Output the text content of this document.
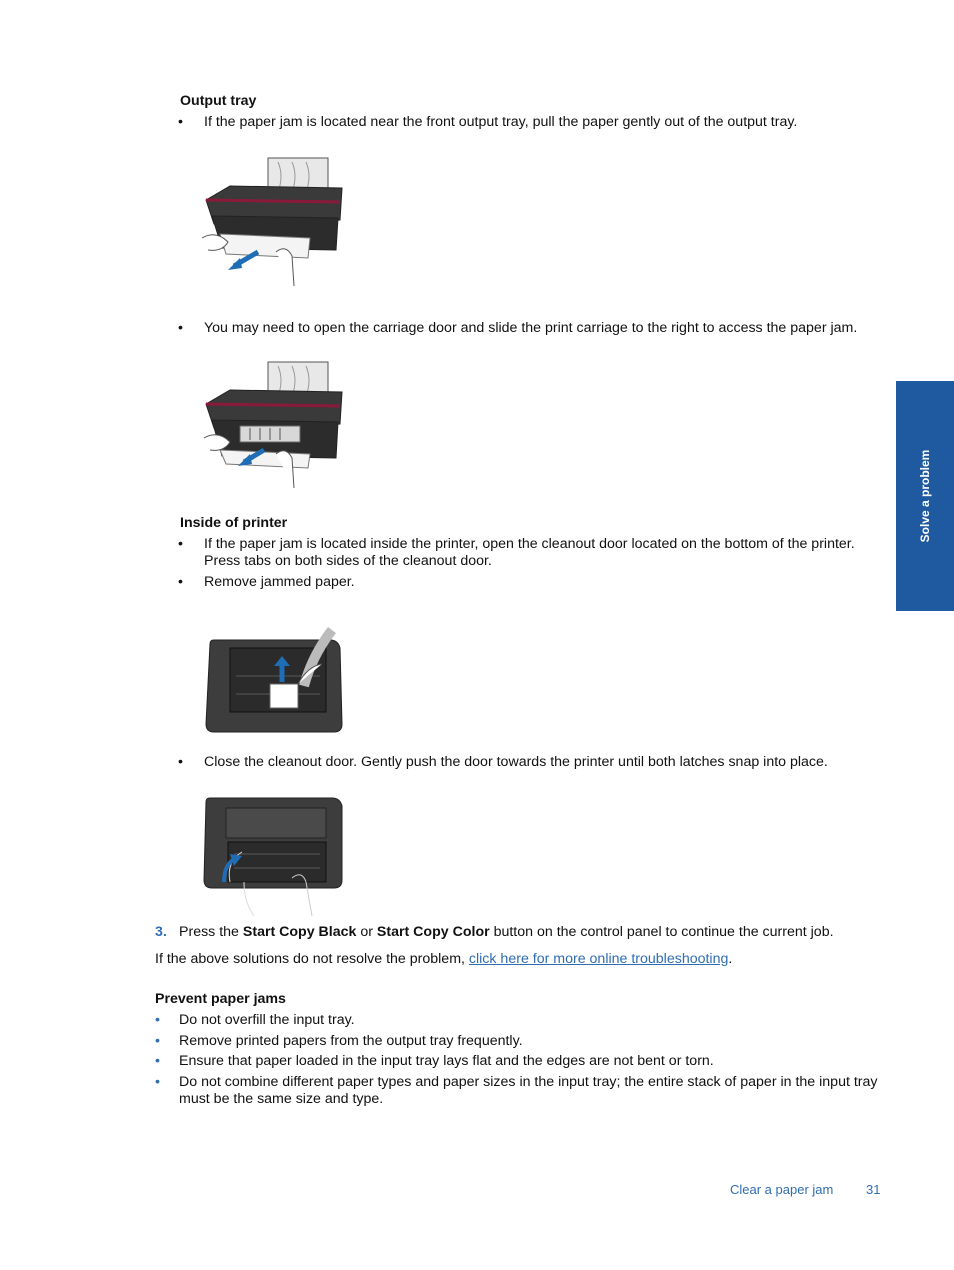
Output tray
• If the paper jam is located near the front output tray, pull the paper gently out of the output tray.
• You may need to open the carriage door and slide the print carriage to the right to access the paper jam.
Inside of printer
• If the paper jam is located inside the printer, open the cleanout door located on the bottom of the printer. Press tabs on both sides of the cleanout door.
• Remove jammed paper.
• Close the cleanout door. Gently push the door towards the printer until both latches snap into place.
3. Press the Start Copy Black or Start Copy Color button on the control panel to continue the current job.
If the above solutions do not resolve the problem, click here for more online troubleshooting.
Prevent paper jams
• Do not overfill the input tray.
• Remove printed papers from the output tray frequently.
• Ensure that paper loaded in the input tray lays flat and the edges are not bent or torn.
• Do not combine different paper types and paper sizes in the input tray; the entire stack of paper in the input tray must be the same size and type.
Solve a problem
Clear a paper jam	31
